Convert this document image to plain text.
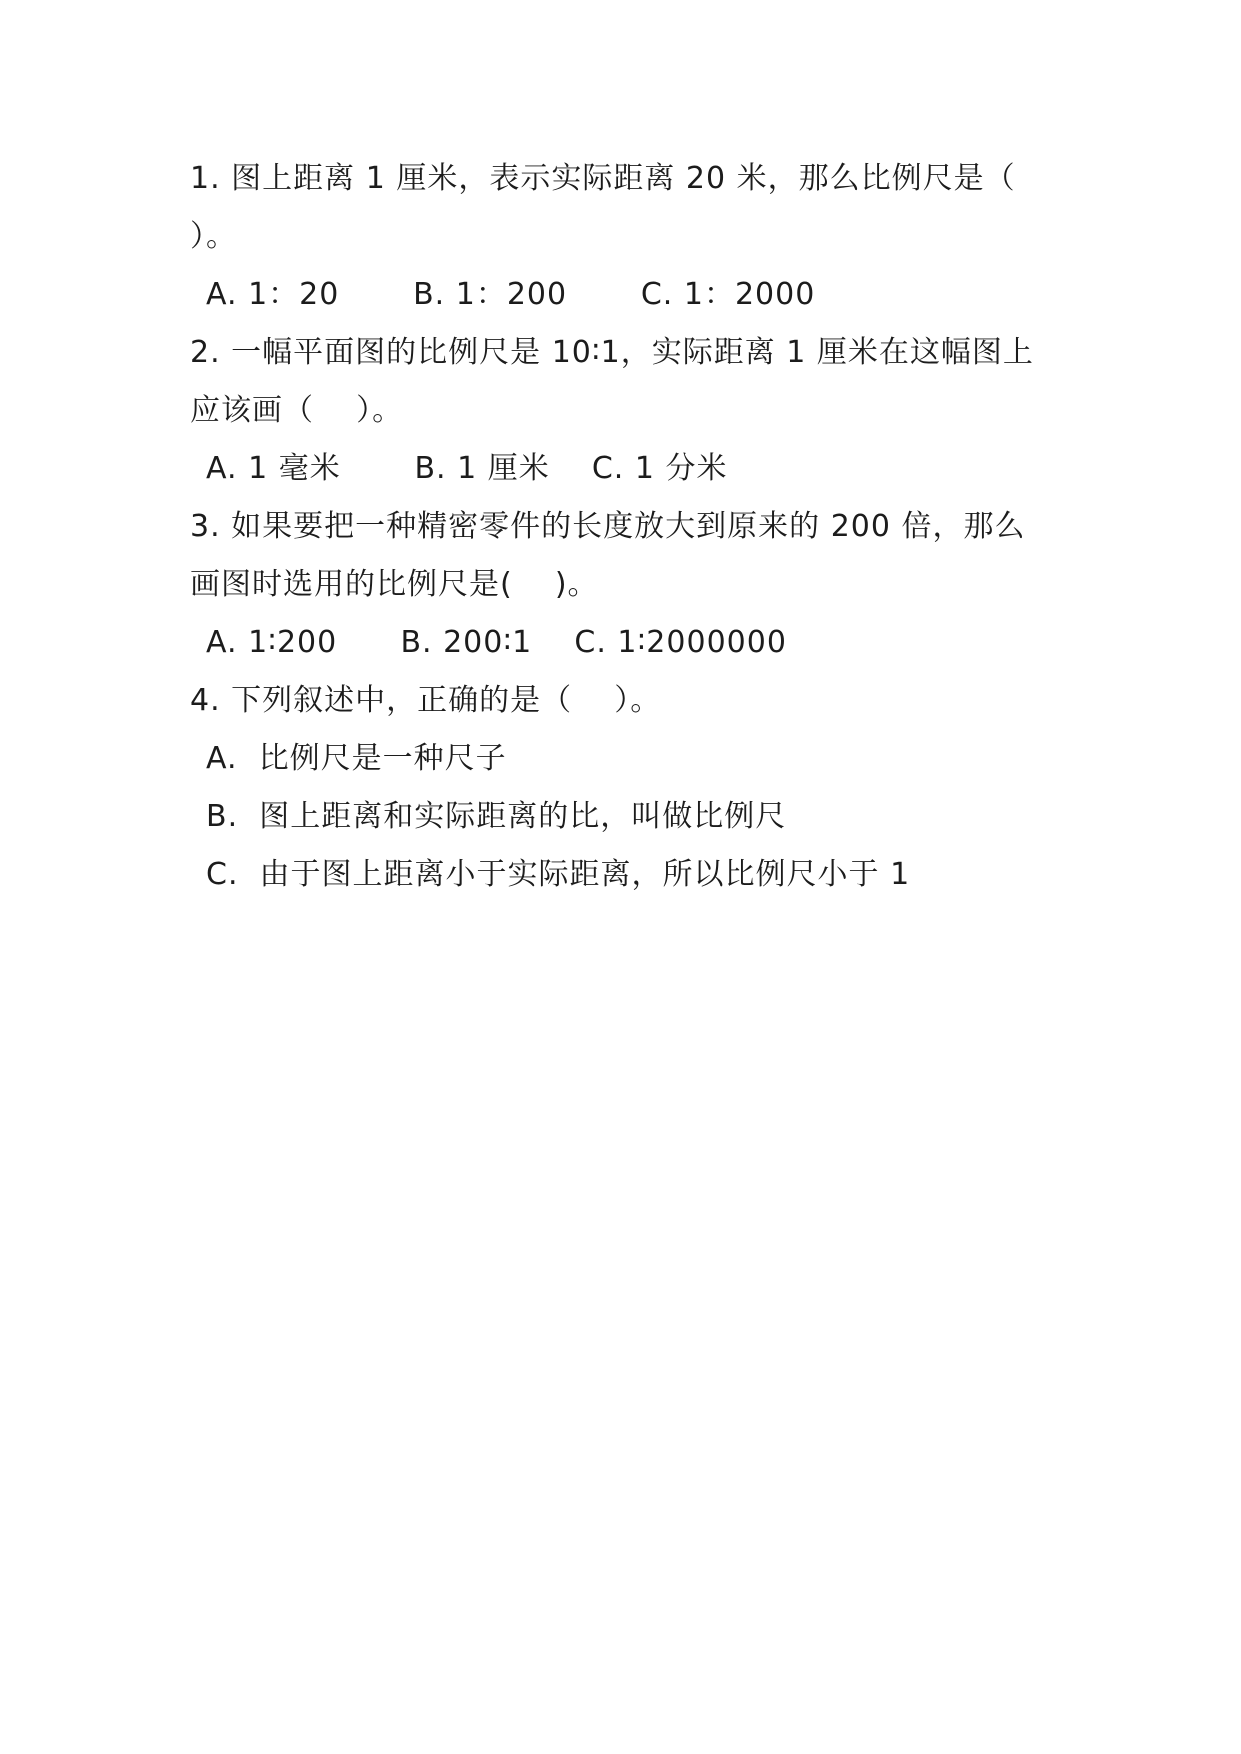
1. 图上距离 1 厘米，表示实际距离 20 米，那么比例尺是（

）。

A. 1：20       B. 1：200       C. 1：2000

2. 一幅平面图的比例尺是 10∶1，实际距离 1 厘米在这幅图上

应该画（    ）。

A. 1 毫米       B. 1 厘米    C. 1 分米

3. 如果要把一种精密零件的长度放大到原来的 200 倍，那么

画图时选用的比例尺是(    )。

A. 1∶200      B. 200∶1    C. 1∶2000000

4. 下列叙述中，正确的是（    ）。

A.  比例尺是一种尺子

B.  图上距离和实际距离的比，叫做比例尺

C.  由于图上距离小于实际距离，所以比例尺小于 1
